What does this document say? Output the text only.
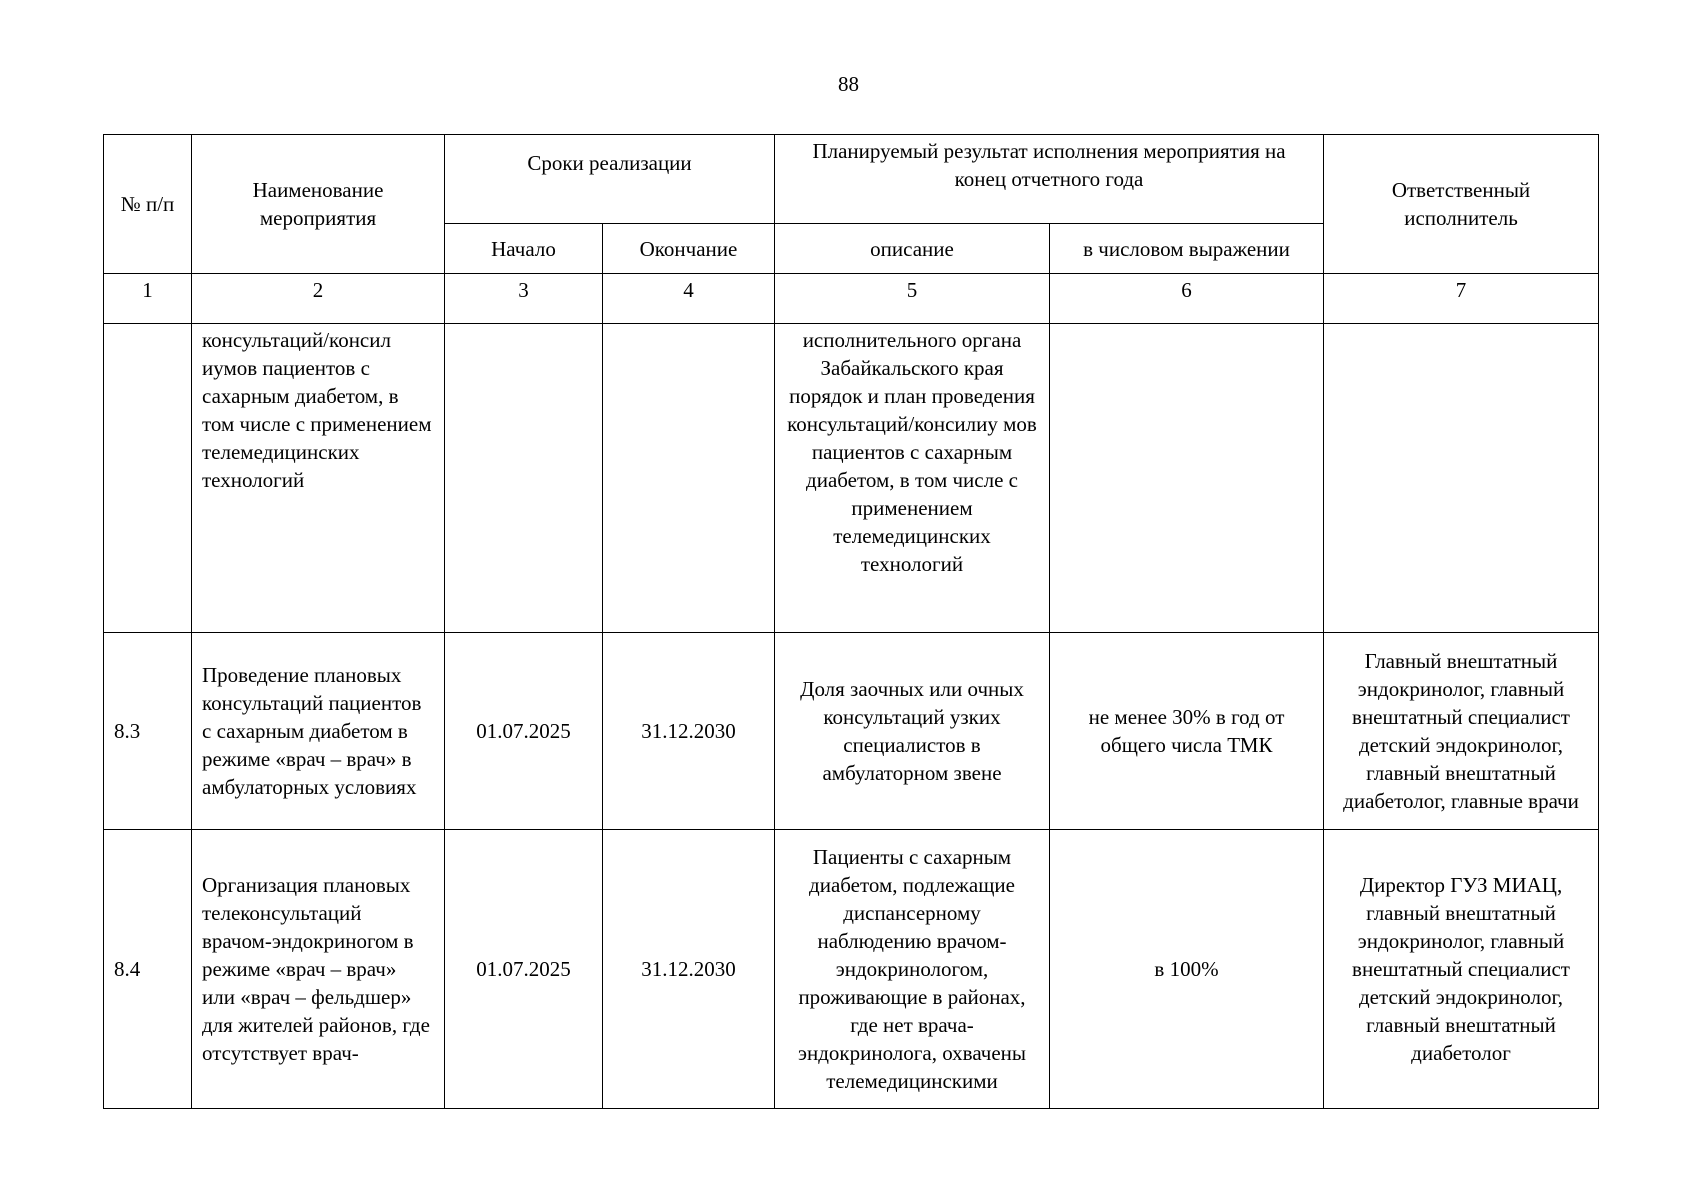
88
№ п/п	Наименование мероприятия	Сроки реализации		Планируемый результат исполнения мероприятия на конец отчетного года		Ответственный исполнитель
		Начало	Окончание	описание	в числовом выражении	
1	2	3	4	5	6	7
	консультаций/консил иумов пациентов с сахарным диабетом, в том числе с применением телемедицинских технологий			исполнительного органа Забайкальского края порядок и план проведения консультаций/консилиу мов пациентов с сахарным диабетом, в том числе с применением телемедицинских технологий		
8.3	Проведение плановых консультаций пациентов с сахарным диабетом в режиме «врач – врач» в амбулаторных условиях	01.07.2025	31.12.2030	Доля заочных или очных консультаций узких специалистов в амбулаторном звене	не менее 30% в год от общего числа ТМК	Главный внештатный эндокринолог, главный внештатный специалист детский эндокринолог, главный внештатный диабетолог, главные врачи
8.4	Организация плановых телеконсультаций врачом-эндокриногом в режиме «врач – врач» или «врач – фельдшер» для жителей районов, где отсутствует врач-	01.07.2025	31.12.2030	Пациенты с сахарным диабетом, подлежащие диспансерному наблюдению врачом-эндокринологом, проживающие в районах, где нет врача-эндокринолога, охвачены телемедицинскими	в 100%	Директор ГУЗ МИАЦ, главный внештатный эндокринолог, главный внештатный специалист детский эндокринолог, главный внештатный диабетолог
